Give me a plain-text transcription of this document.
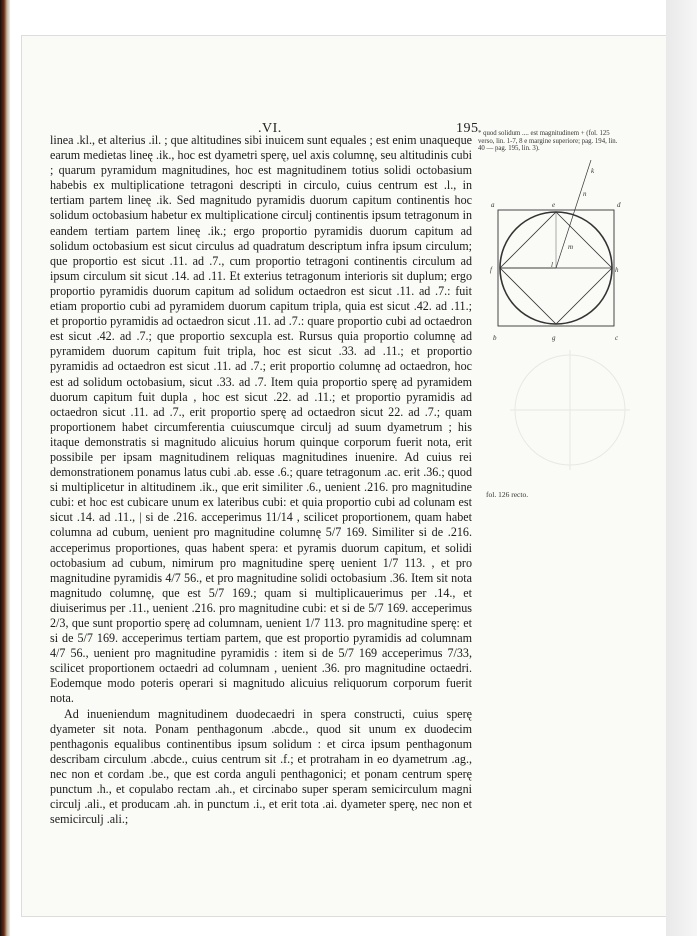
.VI.	195 * quod solidum .... est magnitudinem + (fol. 125 verso, lin. 1-7, 8 e margine superiore; pag. 194, lin. 40 — pag. 195, lin. 3).
fol. 126 recto.
a	e	d
k
n
m
l
f	h
b	g	c

linea .kl., et alterius .il. ; que altitudines sibi inuicem sunt equales ; est enim unaqueque earum medietas lineę .ik., hoc est dyametri sperę, uel axis columnę, seu altitudinis cubi ; quarum pyramidum magnitudines, hoc est magnitudinem totius solidi octobasium habebis ex multiplicatione tetragoni descripti in circulo, cuius centrum est .l., in tertiam partem lineę .ik. Sed magnitudo pyramidis duorum capitum continentis hoc solidum octobasium habetur ex multiplicatione circulj continentis ipsum tetragonum in eandem tertiam partem lineę .ik.; ergo proportio pyramidis duorum capitum ad solidum octobasium est sicut circulus ad quadratum descriptum infra ipsum circulum; que proportio est sicut .11. ad .7., cum proportio tetragoni continentis circulum ad ipsum circulum sit sicut .14. ad .11. Et exterius tetragonum interioris sit duplum; ergo proportio pyramidis duorum capitum ad solidum octaedron est sicut .11. ad .7.: fuit etiam proportio cubi ad pyramidem duorum capitum tripla, quia est sicut .42. ad .11.; et proportio pyramidis ad octaedron sicut .11. ad .7.: quare proportio cubi ad octaedron est sicut .42. ad .7.; que proportio sexcupla est. Rursus quia proportio columnę ad pyramidem duorum capitum fuit tripla, hoc est sicut .33. ad .11.; et proportio pyramidis ad octaedron est sicut .11. ad .7.; erit proportio columnę ad octaedron, hoc est ad solidum octobasium, sicut .33. ad .7. Item quia proportio sperę ad pyramidem duorum capitum fuit dupla , hoc est sicut .22. ad .11.; et proportio pyramidis ad octaedron sicut .11. ad .7., erit proportio sperę ad octaedron sicut 22. ad .7.; quam proportionem habet circumferentia cuiuscumque circulj ad suum dyametrum ; his itaque demonstratis si magnitudo alicuius horum quinque corporum fuerit nota, erit possibile per ipsam magnitudinem reliquas magnitudines inuenire. Ad cuius rei demonstrationem ponamus latus cubi .ab. esse .6.; quare tetragonum .ac. erit .36.; quod si multiplicetur in altitudinem .ik., que erit similiter .6., uenient .216. pro magnitudine cubi: et hoc est cubicare unum ex lateribus cubi: et quia proportio cubi ad colunam est sicut .14. ad .11., | si de .216. acceperimus 11/14 , scilicet proportionem, quam habet columna ad cubum, uenient pro magnitudine columnę 5/7 169. Similiter si de .216. acceperimus proportiones, quas habent spera: et pyramis duorum capitum, et solidi octobasium ad cubum, nimirum pro magnitudine sperę uenient 1/7 113. , et pro magnitudine pyramidis 4/7 56., et pro magnitudine solidi octobasium .36. Item sit nota magnitudo columnę, que est 5/7 169.; quam si multiplicauerimus per .14., et diuiserimus per .11., uenient .216. pro magnitudine cubi: et si de 5/7 169. acceperimus 2/3, que sunt proportio sperę ad columnam, uenient 1/7 113. pro magnitudine sperę: et si de 5/7 169. acceperimus tertiam partem, que est proportio pyramidis ad columnam 4/7 56., uenient pro magnitudine pyramidis : item si de 5/7 169 acceperimus 7/33, scilicet proportionem octaedri ad columnam , uenient .36. pro magnitudine octaedri. Eodemque modo poteris operari si magnitudo alicuius reliquorum corporum fuerit nota.

Ad inueniendum magnitudinem duodecaedri in spera constructi, cuius sperę dyameter sit nota. Ponam penthagonum .abcde., quod sit unum ex duodecim penthagonis equalibus continentibus ipsum solidum : et circa ipsum penthagonum describam circulum .abcde., cuius centrum sit .f.; et protraham in eo dyametrum .ag., nec non et cordam .be., que est corda anguli penthagonici; et ponam centrum sperę punctum .h., et copulabo rectam .ah., et circinabo super speram semicirculum magni circulj .ali., et producam .ah. in punctum .i., et erit tota .ai. dyameter sperę, nec non et semicirculj .ali.;
